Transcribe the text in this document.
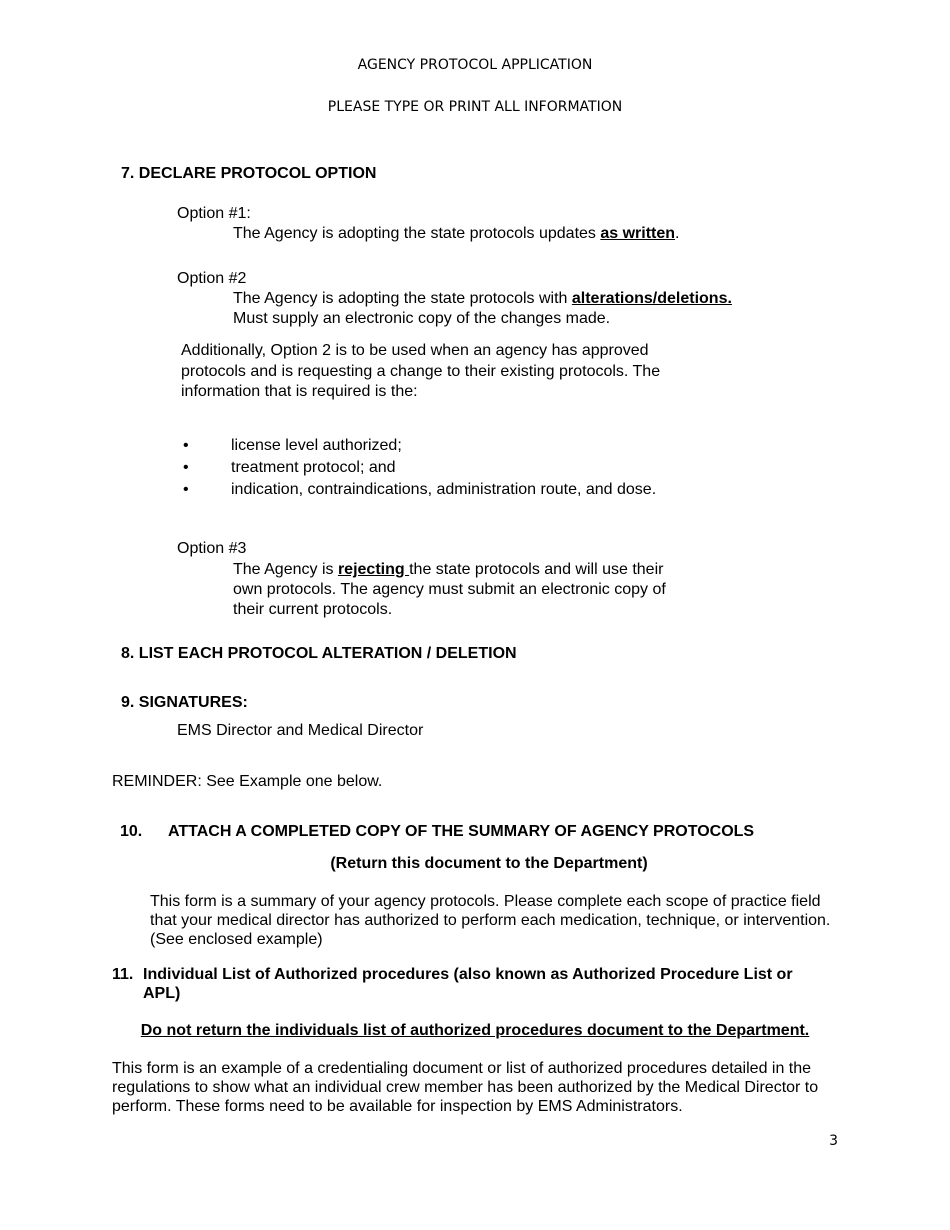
AGENCY PROTOCOL APPLICATION
PLEASE TYPE OR PRINT ALL INFORMATION
7. DECLARE PROTOCOL OPTION
Option #1:
The Agency is adopting the state protocols updates as written.
Option #2
The Agency is adopting the state protocols with alterations/deletions.
Must supply an electronic copy of the changes made.
Additionally, Option 2 is to be used when an agency has approved
protocols and is requesting a change to their existing protocols. The
information that is required is the:
•	license level authorized;
•	treatment protocol; and
•	indication, contraindications, administration route, and dose.
Option #3
The Agency is rejecting the state protocols and will use their
own protocols. The agency must submit an electronic copy of
their current protocols.
8. LIST EACH PROTOCOL ALTERATION / DELETION
9. SIGNATURES:
EMS Director and Medical Director
REMINDER: See Example one below.
10. ATTACH A COMPLETED COPY OF THE SUMMARY OF AGENCY PROTOCOLS
(Return this document to the Department)
This form is a summary of your agency protocols. Please complete each scope of practice field
that your medical director has authorized to perform each medication, technique, or intervention.
(See enclosed example)
11. Individual List of Authorized procedures (also known as Authorized Procedure List or
APL)
Do not return the individuals list of authorized procedures document to the Department.
This form is an example of a credentialing document or list of authorized procedures detailed in the
regulations to show what an individual crew member has been authorized by the Medical Director to
perform. These forms need to be available for inspection by EMS Administrators.
3
